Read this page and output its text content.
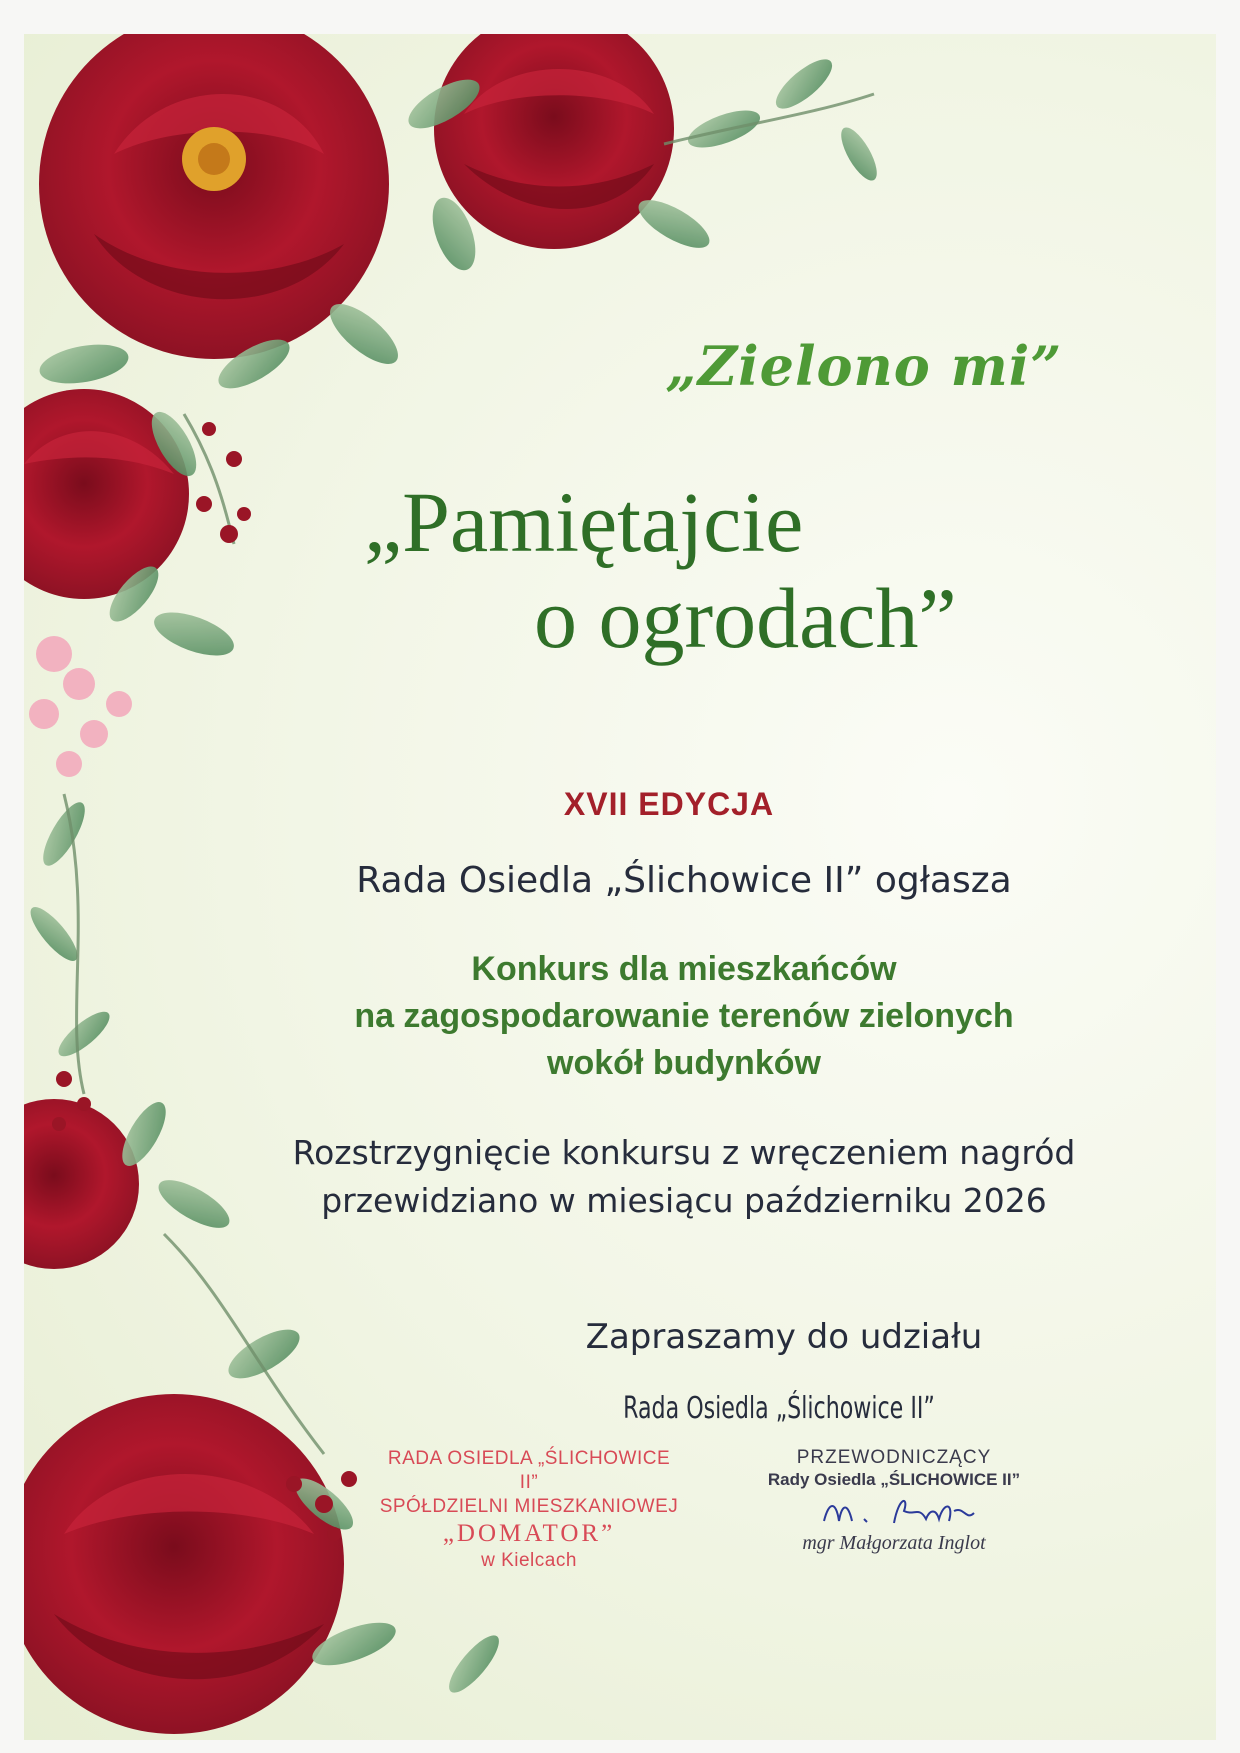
„Zielono mi”

„Pamiętajcie
o ogrodach”

XVII EDYCJA

Rada Osiedla „Ślichowice II” ogłasza

Konkurs dla mieszkańców
na zagospodarowanie terenów zielonych
wokół budynków

Rozstrzygnięcie konkursu z wręczeniem nagród
przewidziano w miesiącu październiku 2026

Zapraszamy do udziału

Rada Osiedla „Ślichowice II”

RADA OSIEDLA „ŚLICHOWICE II”
SPÓŁDZIELNI MIESZKANIOWEJ
„DOMATOR”
w Kielcach
PRZEWODNICZĄCY
Rady Osiedla „ŚLICHOWICE II”
mgr Małgorzata Inglot
